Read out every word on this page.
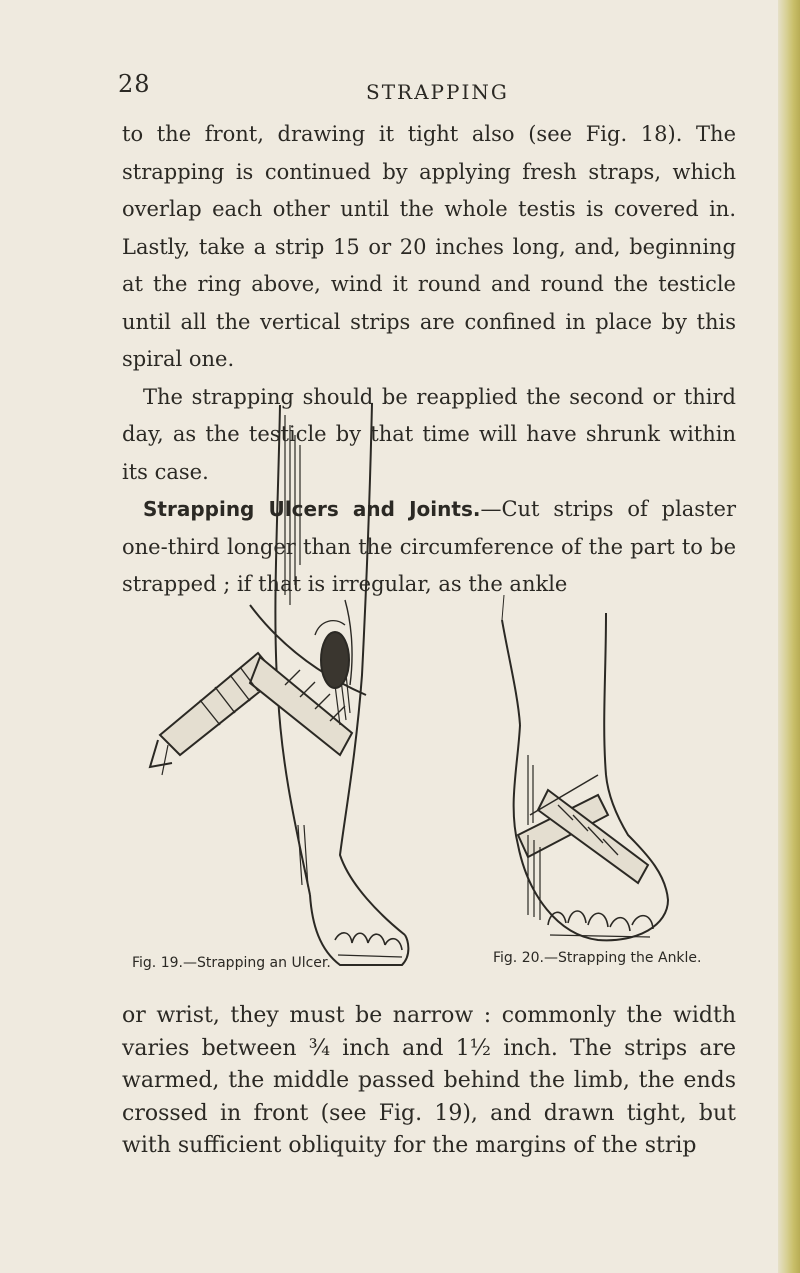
28	STRAPPING

to the front, drawing it tight also (see Fig. 18). The strapping is continued by applying fresh straps, which overlap each other until the whole testis is covered in. Lastly, take a strip 15 or 20 inches long, and, beginning at the ring above, wind it round and round the testicle until all the vertical strips are confined in place by this spiral one.

 The strapping should be reapplied the second or third day, as the testicle by that time will have shrunk within its case.

 Strapping Ulcers and Joints.—Cut strips of plaster one-third longer than the circumference of the part to be strapped ; if that is irregular, as the ankle

Fig. 19.—Strapping an Ulcer.	Fig. 20.—Strapping the Ankle.

or wrist, they must be narrow : commonly the width varies between ¾ inch and 1½ inch. The strips are warmed, the middle passed behind the limb, the ends crossed in front (see Fig. 19), and drawn tight, but with sufficient obliquity for the margins of the strip
